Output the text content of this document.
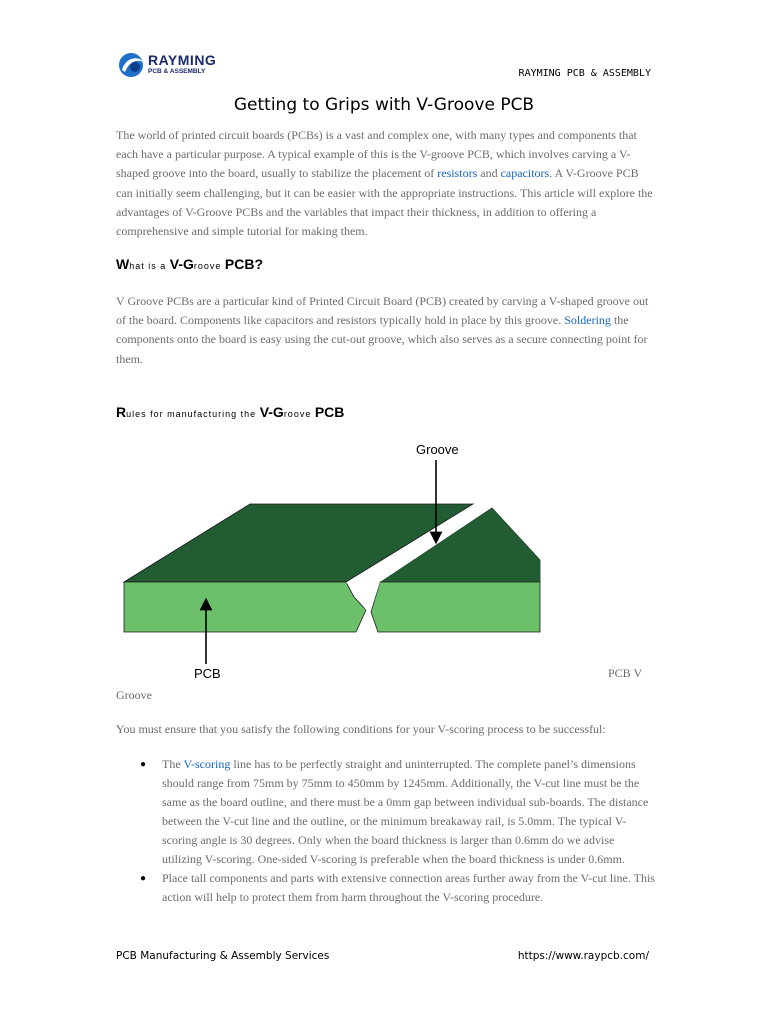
RAYMING
PCB & ASSEMBLY	RAYMING PCB & ASSEMBLY
Getting to Grips with V-Groove PCB

The world of printed circuit boards (PCBs) is a vast and complex one, with many types and components that each have a particular purpose. A typical example of this is the V-groove PCB, which involves carving a V-shaped groove into the board, usually to stabilize the placement of resistors and capacitors. A V-Groove PCB can initially seem challenging, but it can be easier with the appropriate instructions. This article will explore the advantages of V-Groove PCBs and the variables that impact their thickness, in addition to offering a comprehensive and simple tutorial for making them.

What is a V-Groove PCB?

V Groove PCBs are a particular kind of Printed Circuit Board (PCB) created by carving a V-shaped groove out of the board. Components like capacitors and resistors typically hold in place by this groove. Soldering the components onto the board is easy using the cut-out groove, which also serves as a secure connecting point for them.

Rules for manufacturing the V-Groove PCB
Groove
PCB	PCB V
Groove

You must ensure that you satisfy the following conditions for your V-scoring process to be successful:

● The V-scoring line has to be perfectly straight and uninterrupted. The complete panel’s dimensions should range from 75mm by 75mm to 450mm by 1245mm. Additionally, the V-cut line must be the same as the board outline, and there must be a 0mm gap between individual sub-boards. The distance between the V-cut line and the outline, or the minimum breakaway rail, is 5.0mm. The typical V-scoring angle is 30 degrees. Only when the board thickness is larger than 0.6mm do we advise utilizing V-scoring. One-sided V-scoring is preferable when the board thickness is under 0.6mm.
● Place tall components and parts with extensive connection areas further away from the V-cut line. This action will help to protect them from harm throughout the V-scoring procedure.
PCB Manufacturing & Assembly Services	https://www.raypcb.com/
